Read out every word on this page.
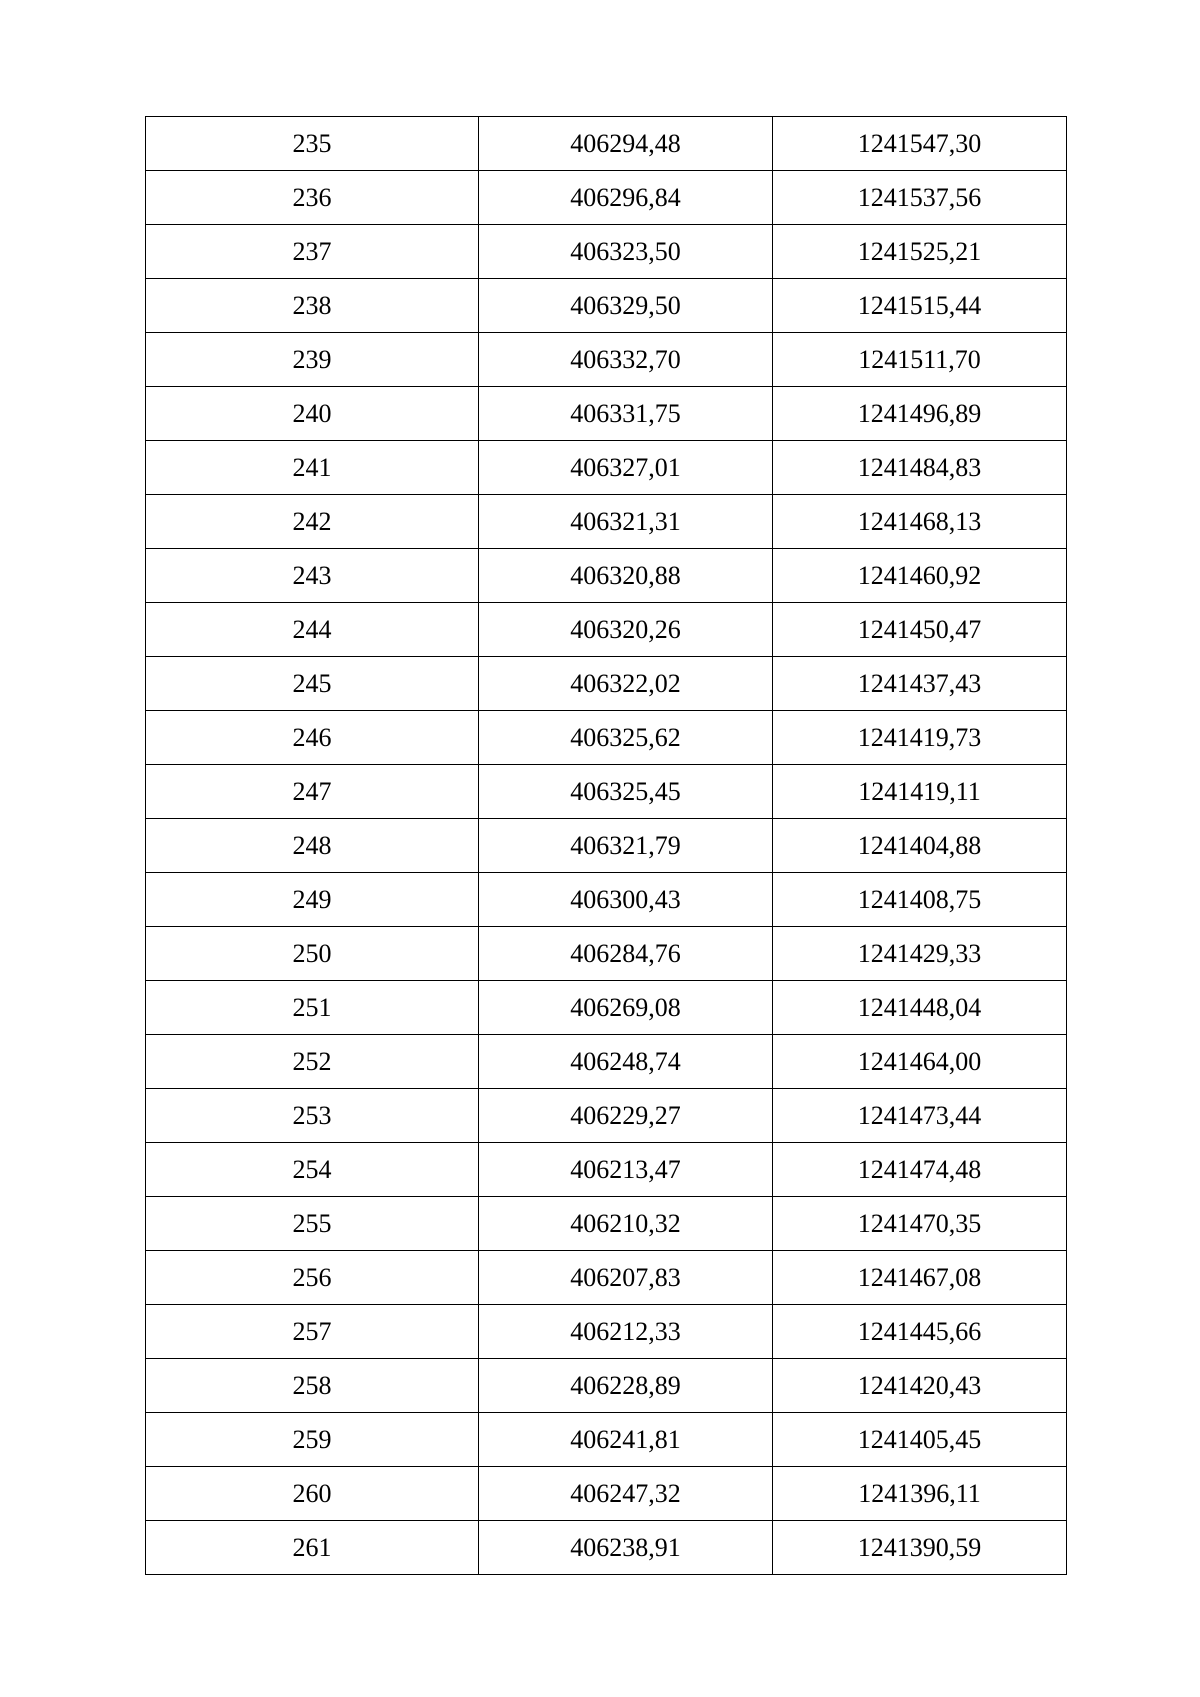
235	406294,48	1241547,30
236	406296,84	1241537,56
237	406323,50	1241525,21
238	406329,50	1241515,44
239	406332,70	1241511,70
240	406331,75	1241496,89
241	406327,01	1241484,83
242	406321,31	1241468,13
243	406320,88	1241460,92
244	406320,26	1241450,47
245	406322,02	1241437,43
246	406325,62	1241419,73
247	406325,45	1241419,11
248	406321,79	1241404,88
249	406300,43	1241408,75
250	406284,76	1241429,33
251	406269,08	1241448,04
252	406248,74	1241464,00
253	406229,27	1241473,44
254	406213,47	1241474,48
255	406210,32	1241470,35
256	406207,83	1241467,08
257	406212,33	1241445,66
258	406228,89	1241420,43
259	406241,81	1241405,45
260	406247,32	1241396,11
261	406238,91	1241390,59
